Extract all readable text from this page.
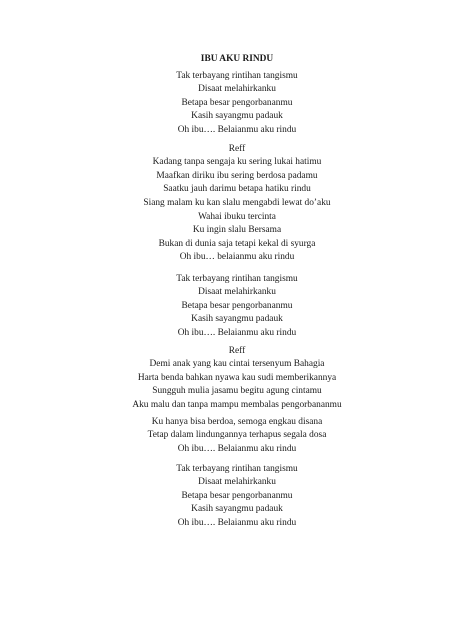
IBU AKU RINDU
Tak terbayang rintihan tangismu
Disaat melahirkanku
Betapa besar pengorbananmu
Kasih sayangmu padauk
Oh ibu…. Belaianmu aku rindu
Reff
Kadang tanpa sengaja ku sering lukai hatimu
Maafkan diriku ibu sering berdosa padamu
Saatku jauh darimu betapa hatiku rindu
Siang malam ku kan slalu mengabdi lewat do’aku
Wahai ibuku tercinta
Ku ingin slalu Bersama
Bukan di dunia saja tetapi kekal di syurga
Oh ibu… belaianmu aku rindu
Tak terbayang rintihan tangismu
Disaat melahirkanku
Betapa besar pengorbananmu
Kasih sayangmu padauk
Oh ibu…. Belaianmu aku rindu
Reff
Demi anak yang kau cintai tersenyum Bahagia
Harta benda bahkan nyawa kau sudi memberikannya
Sungguh mulia jasamu begitu agung cintamu
Aku malu dan tanpa mampu membalas pengorbananmu
Ku hanya bisa berdoa, semoga engkau disana
Tetap dalam lindungannya terhapus segala dosa
Oh ibu…. Belaianmu aku rindu
Tak terbayang rintihan tangismu
Disaat melahirkanku
Betapa besar pengorbananmu
Kasih sayangmu padauk
Oh ibu…. Belaianmu aku rindu
